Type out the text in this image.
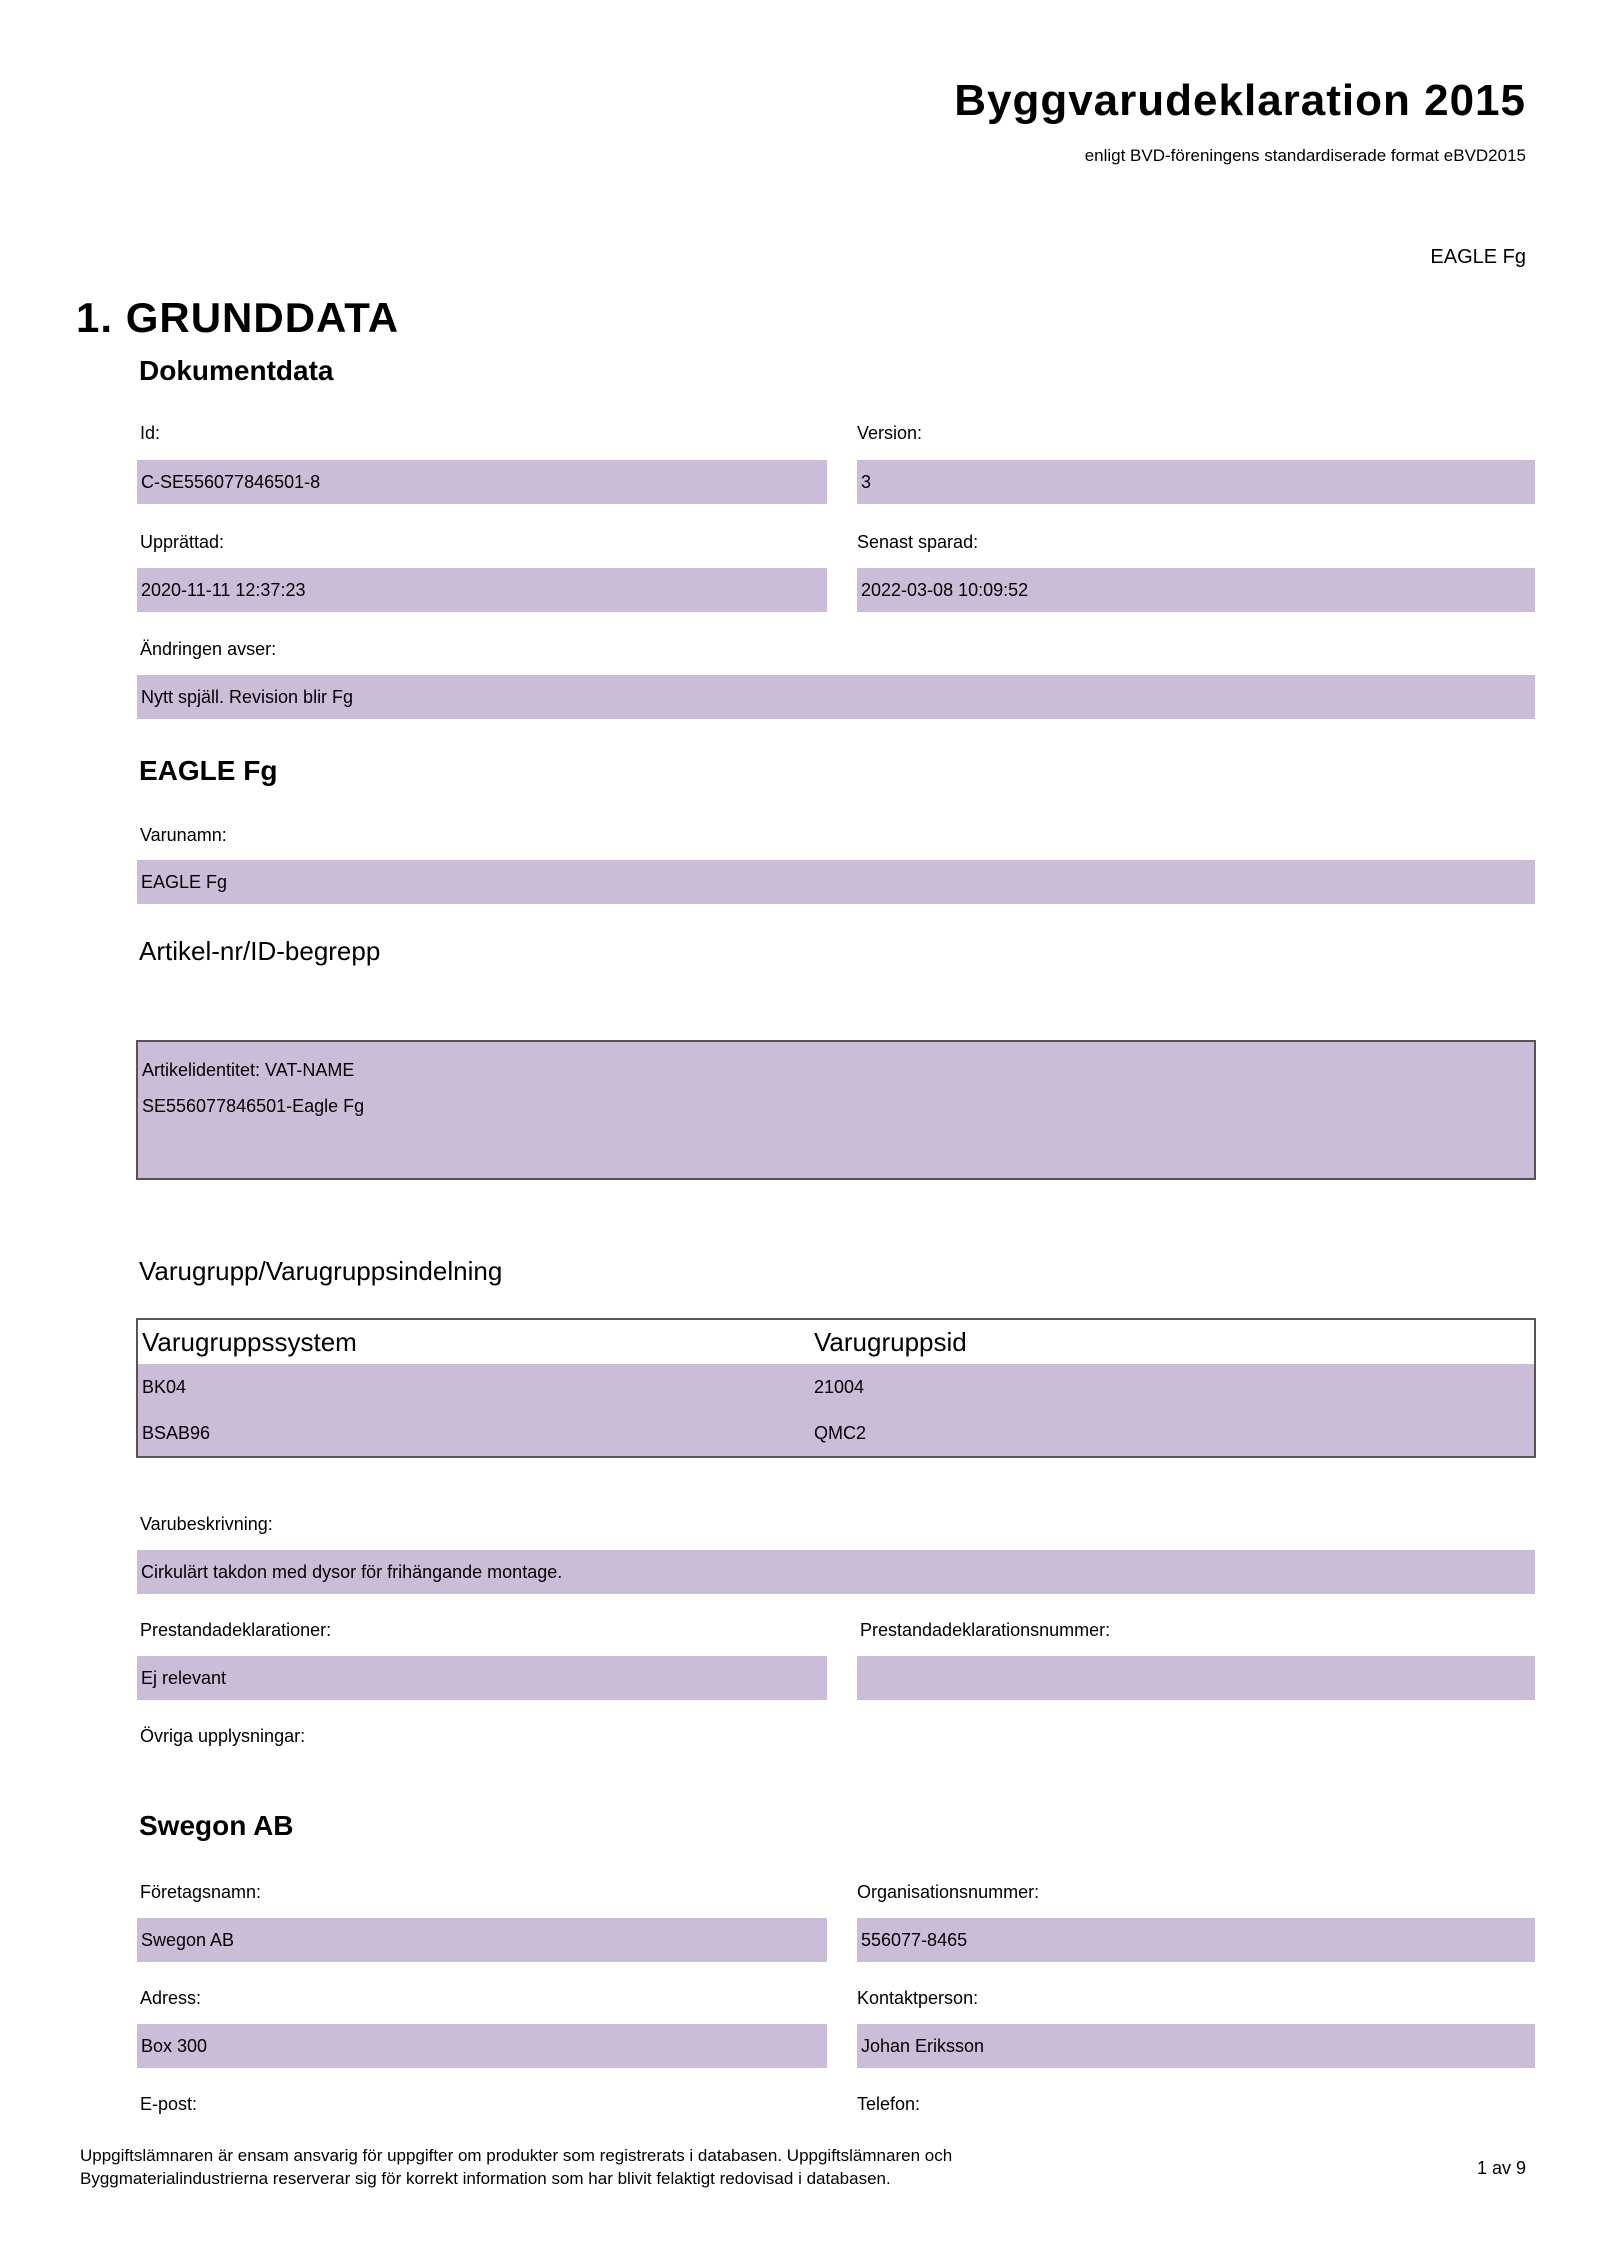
Byggvarudeklaration 2015
enligt BVD-föreningens standardiserade format eBVD2015
EAGLE Fg
1. GRUNDDATA
Dokumentdata
Id:
C-SE556077846501-8
Version:
3
Upprättad:
2020-11-11 12:37:23
Senast sparad:
2022-03-08 10:09:52
Ändringen avser:
Nytt spjäll. Revision blir Fg
EAGLE Fg
Varunamn:
EAGLE Fg
Artikel-nr/ID-begrepp
Artikelidentitet: VAT-NAME
SE556077846501-Eagle Fg
Varugrupp/Varugruppsindelning
Varugruppssystem	Varugruppsid
BK04	21004
BSAB96	QMC2
Varubeskrivning:
Cirkulärt takdon med dysor för frihängande montage.
Prestandadeklarationer:
Ej relevant
Prestandadeklarationsnummer:
Övriga upplysningar:
Swegon AB
Företagsnamn:
Swegon AB
Organisationsnummer:
556077-8465
Adress:
Box 300
Kontaktperson:
Johan Eriksson
E-post:	Telefon:
Uppgiftslämnaren är ensam ansvarig för uppgifter om produkter som registrerats i databasen. Uppgiftslämnaren och
Byggmaterialindustrierna reserverar sig för korrekt information som har blivit felaktigt redovisad i databasen.
1 av 9
